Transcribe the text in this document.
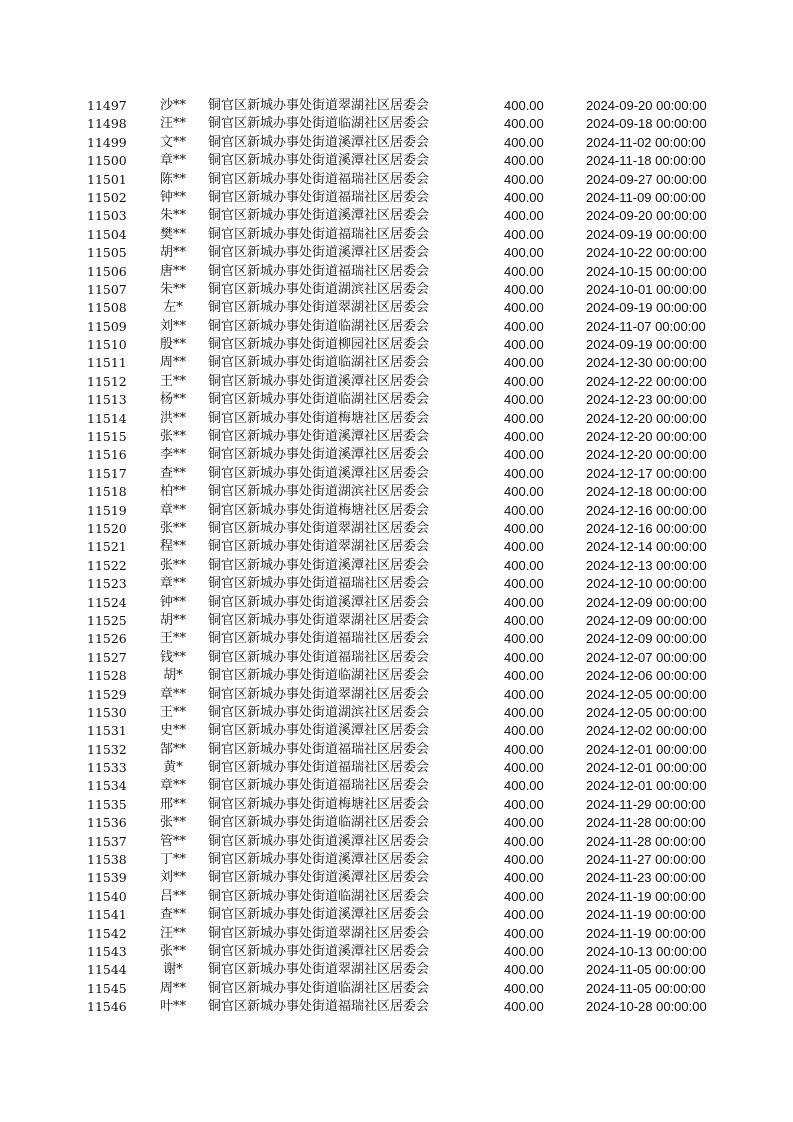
11497	沙**	铜官区新城办事处街道翠湖社区居委会	400.00	2024-09-20 00:00:00
11498	汪**	铜官区新城办事处街道临湖社区居委会	400.00	2024-09-18 00:00:00
11499	文**	铜官区新城办事处街道溪潭社区居委会	400.00	2024-11-02 00:00:00
11500	章**	铜官区新城办事处街道溪潭社区居委会	400.00	2024-11-18 00:00:00
11501	陈**	铜官区新城办事处街道福瑞社区居委会	400.00	2024-09-27 00:00:00
11502	钟**	铜官区新城办事处街道福瑞社区居委会	400.00	2024-11-09 00:00:00
11503	朱**	铜官区新城办事处街道溪潭社区居委会	400.00	2024-09-20 00:00:00
11504	樊**	铜官区新城办事处街道福瑞社区居委会	400.00	2024-09-19 00:00:00
11505	胡**	铜官区新城办事处街道溪潭社区居委会	400.00	2024-10-22 00:00:00
11506	唐**	铜官区新城办事处街道福瑞社区居委会	400.00	2024-10-15 00:00:00
11507	朱**	铜官区新城办事处街道湖滨社区居委会	400.00	2024-10-01 00:00:00
11508	左*	铜官区新城办事处街道翠湖社区居委会	400.00	2024-09-19 00:00:00
11509	刘**	铜官区新城办事处街道临湖社区居委会	400.00	2024-11-07 00:00:00
11510	殷**	铜官区新城办事处街道柳园社区居委会	400.00	2024-09-19 00:00:00
11511	周**	铜官区新城办事处街道临湖社区居委会	400.00	2024-12-30 00:00:00
11512	王**	铜官区新城办事处街道溪潭社区居委会	400.00	2024-12-22 00:00:00
11513	杨**	铜官区新城办事处街道临湖社区居委会	400.00	2024-12-23 00:00:00
11514	洪**	铜官区新城办事处街道梅塘社区居委会	400.00	2024-12-20 00:00:00
11515	张**	铜官区新城办事处街道溪潭社区居委会	400.00	2024-12-20 00:00:00
11516	李**	铜官区新城办事处街道溪潭社区居委会	400.00	2024-12-20 00:00:00
11517	查**	铜官区新城办事处街道溪潭社区居委会	400.00	2024-12-17 00:00:00
11518	柏**	铜官区新城办事处街道湖滨社区居委会	400.00	2024-12-18 00:00:00
11519	章**	铜官区新城办事处街道梅塘社区居委会	400.00	2024-12-16 00:00:00
11520	张**	铜官区新城办事处街道翠湖社区居委会	400.00	2024-12-16 00:00:00
11521	程**	铜官区新城办事处街道翠湖社区居委会	400.00	2024-12-14 00:00:00
11522	张**	铜官区新城办事处街道溪潭社区居委会	400.00	2024-12-13 00:00:00
11523	章**	铜官区新城办事处街道福瑞社区居委会	400.00	2024-12-10 00:00:00
11524	钟**	铜官区新城办事处街道溪潭社区居委会	400.00	2024-12-09 00:00:00
11525	胡**	铜官区新城办事处街道翠湖社区居委会	400.00	2024-12-09 00:00:00
11526	王**	铜官区新城办事处街道福瑞社区居委会	400.00	2024-12-09 00:00:00
11527	钱**	铜官区新城办事处街道福瑞社区居委会	400.00	2024-12-07 00:00:00
11528	胡*	铜官区新城办事处街道临湖社区居委会	400.00	2024-12-06 00:00:00
11529	章**	铜官区新城办事处街道翠湖社区居委会	400.00	2024-12-05 00:00:00
11530	王**	铜官区新城办事处街道湖滨社区居委会	400.00	2024-12-05 00:00:00
11531	史**	铜官区新城办事处街道溪潭社区居委会	400.00	2024-12-02 00:00:00
11532	郜**	铜官区新城办事处街道福瑞社区居委会	400.00	2024-12-01 00:00:00
11533	黄*	铜官区新城办事处街道福瑞社区居委会	400.00	2024-12-01 00:00:00
11534	章**	铜官区新城办事处街道福瑞社区居委会	400.00	2024-12-01 00:00:00
11535	邢**	铜官区新城办事处街道梅塘社区居委会	400.00	2024-11-29 00:00:00
11536	张**	铜官区新城办事处街道临湖社区居委会	400.00	2024-11-28 00:00:00
11537	管**	铜官区新城办事处街道溪潭社区居委会	400.00	2024-11-28 00:00:00
11538	丁**	铜官区新城办事处街道溪潭社区居委会	400.00	2024-11-27 00:00:00
11539	刘**	铜官区新城办事处街道溪潭社区居委会	400.00	2024-11-23 00:00:00
11540	吕**	铜官区新城办事处街道临湖社区居委会	400.00	2024-11-19 00:00:00
11541	查**	铜官区新城办事处街道溪潭社区居委会	400.00	2024-11-19 00:00:00
11542	汪**	铜官区新城办事处街道翠湖社区居委会	400.00	2024-11-19 00:00:00
11543	张**	铜官区新城办事处街道溪潭社区居委会	400.00	2024-10-13 00:00:00
11544	谢*	铜官区新城办事处街道翠湖社区居委会	400.00	2024-11-05 00:00:00
11545	周**	铜官区新城办事处街道临湖社区居委会	400.00	2024-11-05 00:00:00
11546	叶**	铜官区新城办事处街道福瑞社区居委会	400.00	2024-10-28 00:00:00
